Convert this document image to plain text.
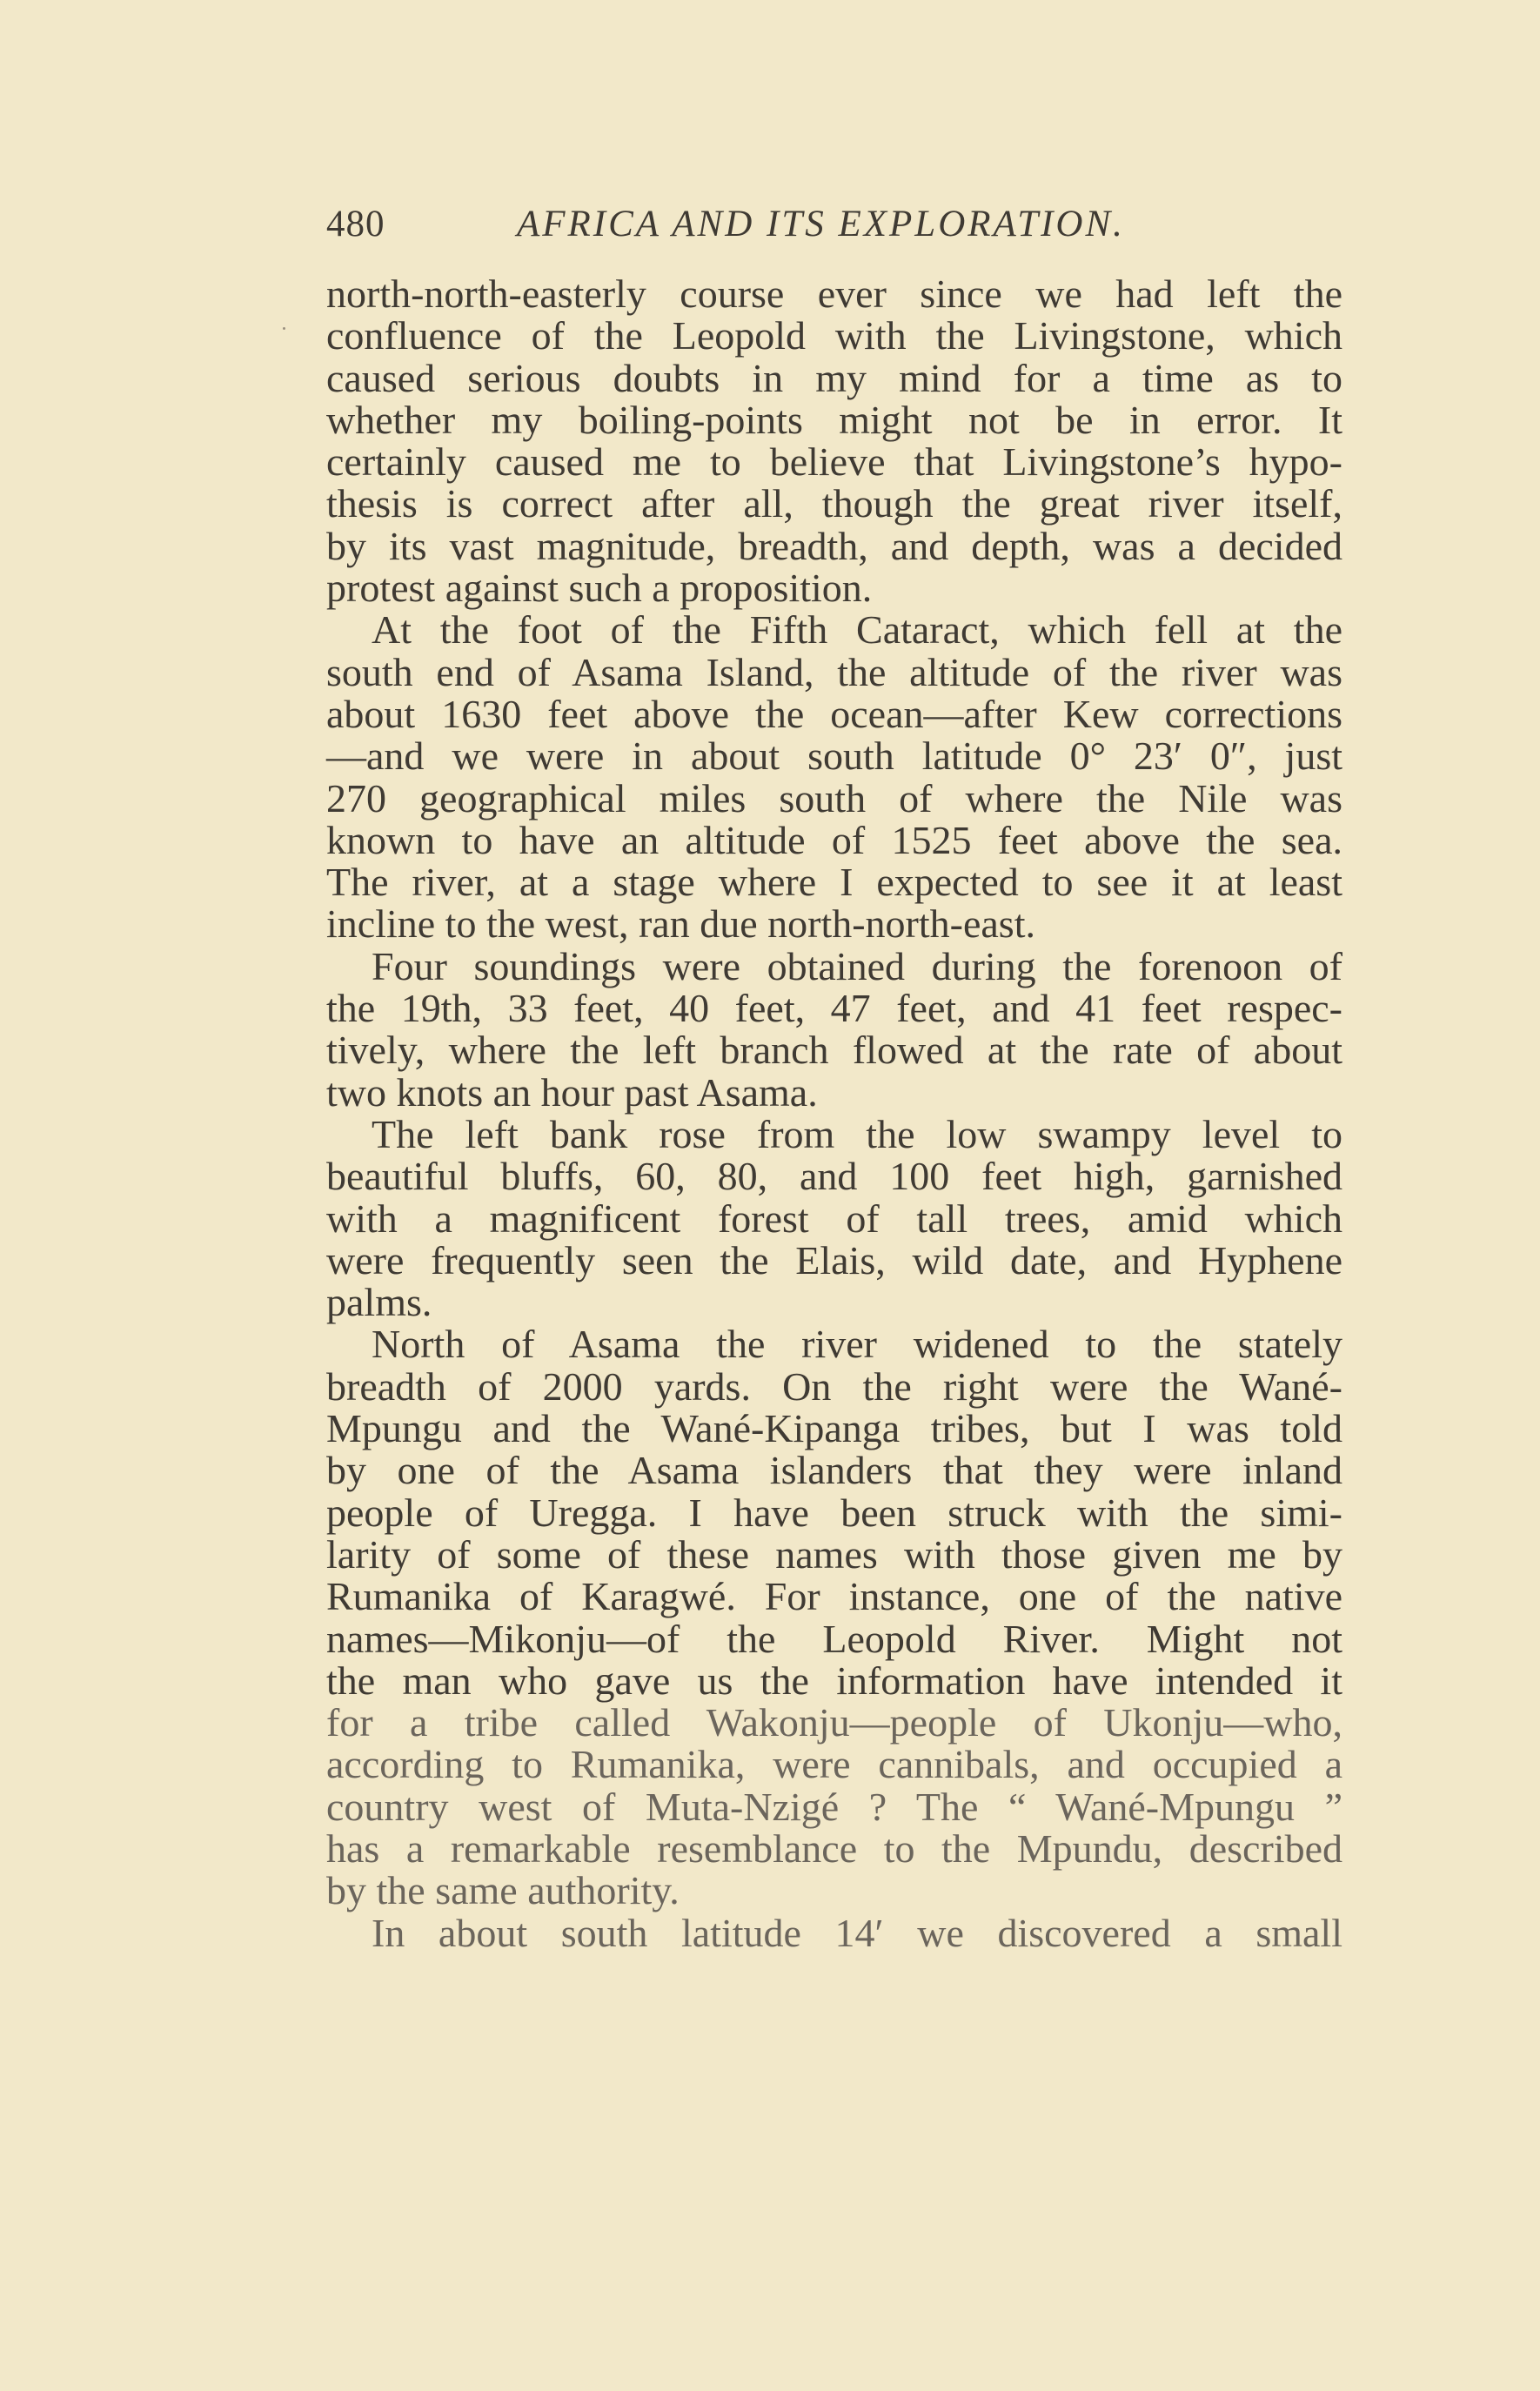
480	AFRICA AND ITS EXPLORATION.
north-north-easterly course ever since we had left the
confluence of the Leopold with the Livingstone, which
caused serious doubts in my mind for a time as to
whether my boiling-points might not be in error. It
certainly caused me to believe that Livingstone’s hypo-
thesis is correct after all, though the great river itself,
by its vast magnitude, breadth, and depth, was a decided
protest against such a proposition.
At the foot of the Fifth Cataract, which fell at the
south end of Asama Island, the altitude of the river was
about 1630 feet above the ocean—after Kew corrections
—and we were in about south latitude 0° 23′ 0″, just
270 geographical miles south of where the Nile was
known to have an altitude of 1525 feet above the sea.
The river, at a stage where I expected to see it at least
incline to the west, ran due north-north-east.
Four soundings were obtained during the forenoon of
the 19th, 33 feet, 40 feet, 47 feet, and 41 feet respec-
tively, where the left branch flowed at the rate of about
two knots an hour past Asama.
The left bank rose from the low swampy level to
beautiful bluffs, 60, 80, and 100 feet high, garnished
with a magnificent forest of tall trees, amid which
were frequently seen the Elais, wild date, and Hyphene
palms.
North of Asama the river widened to the stately
breadth of 2000 yards. On the right were the Wané-
Mpungu and the Wané-Kipanga tribes, but I was told
by one of the Asama islanders that they were inland
people of Uregga. I have been struck with the simi-
larity of some of these names with those given me by
Rumanika of Karagwé. For instance, one of the native
names—Mikonju—of the Leopold River. Might not
the man who gave us the information have intended it
for a tribe called Wakonju—people of Ukonju—who,
according to Rumanika, were cannibals, and occupied a
country west of Muta-Nzigé ? The “ Wané-Mpungu ”
has a remarkable resemblance to the Mpundu, described
by the same authority.
In about south latitude 14′ we discovered a small
